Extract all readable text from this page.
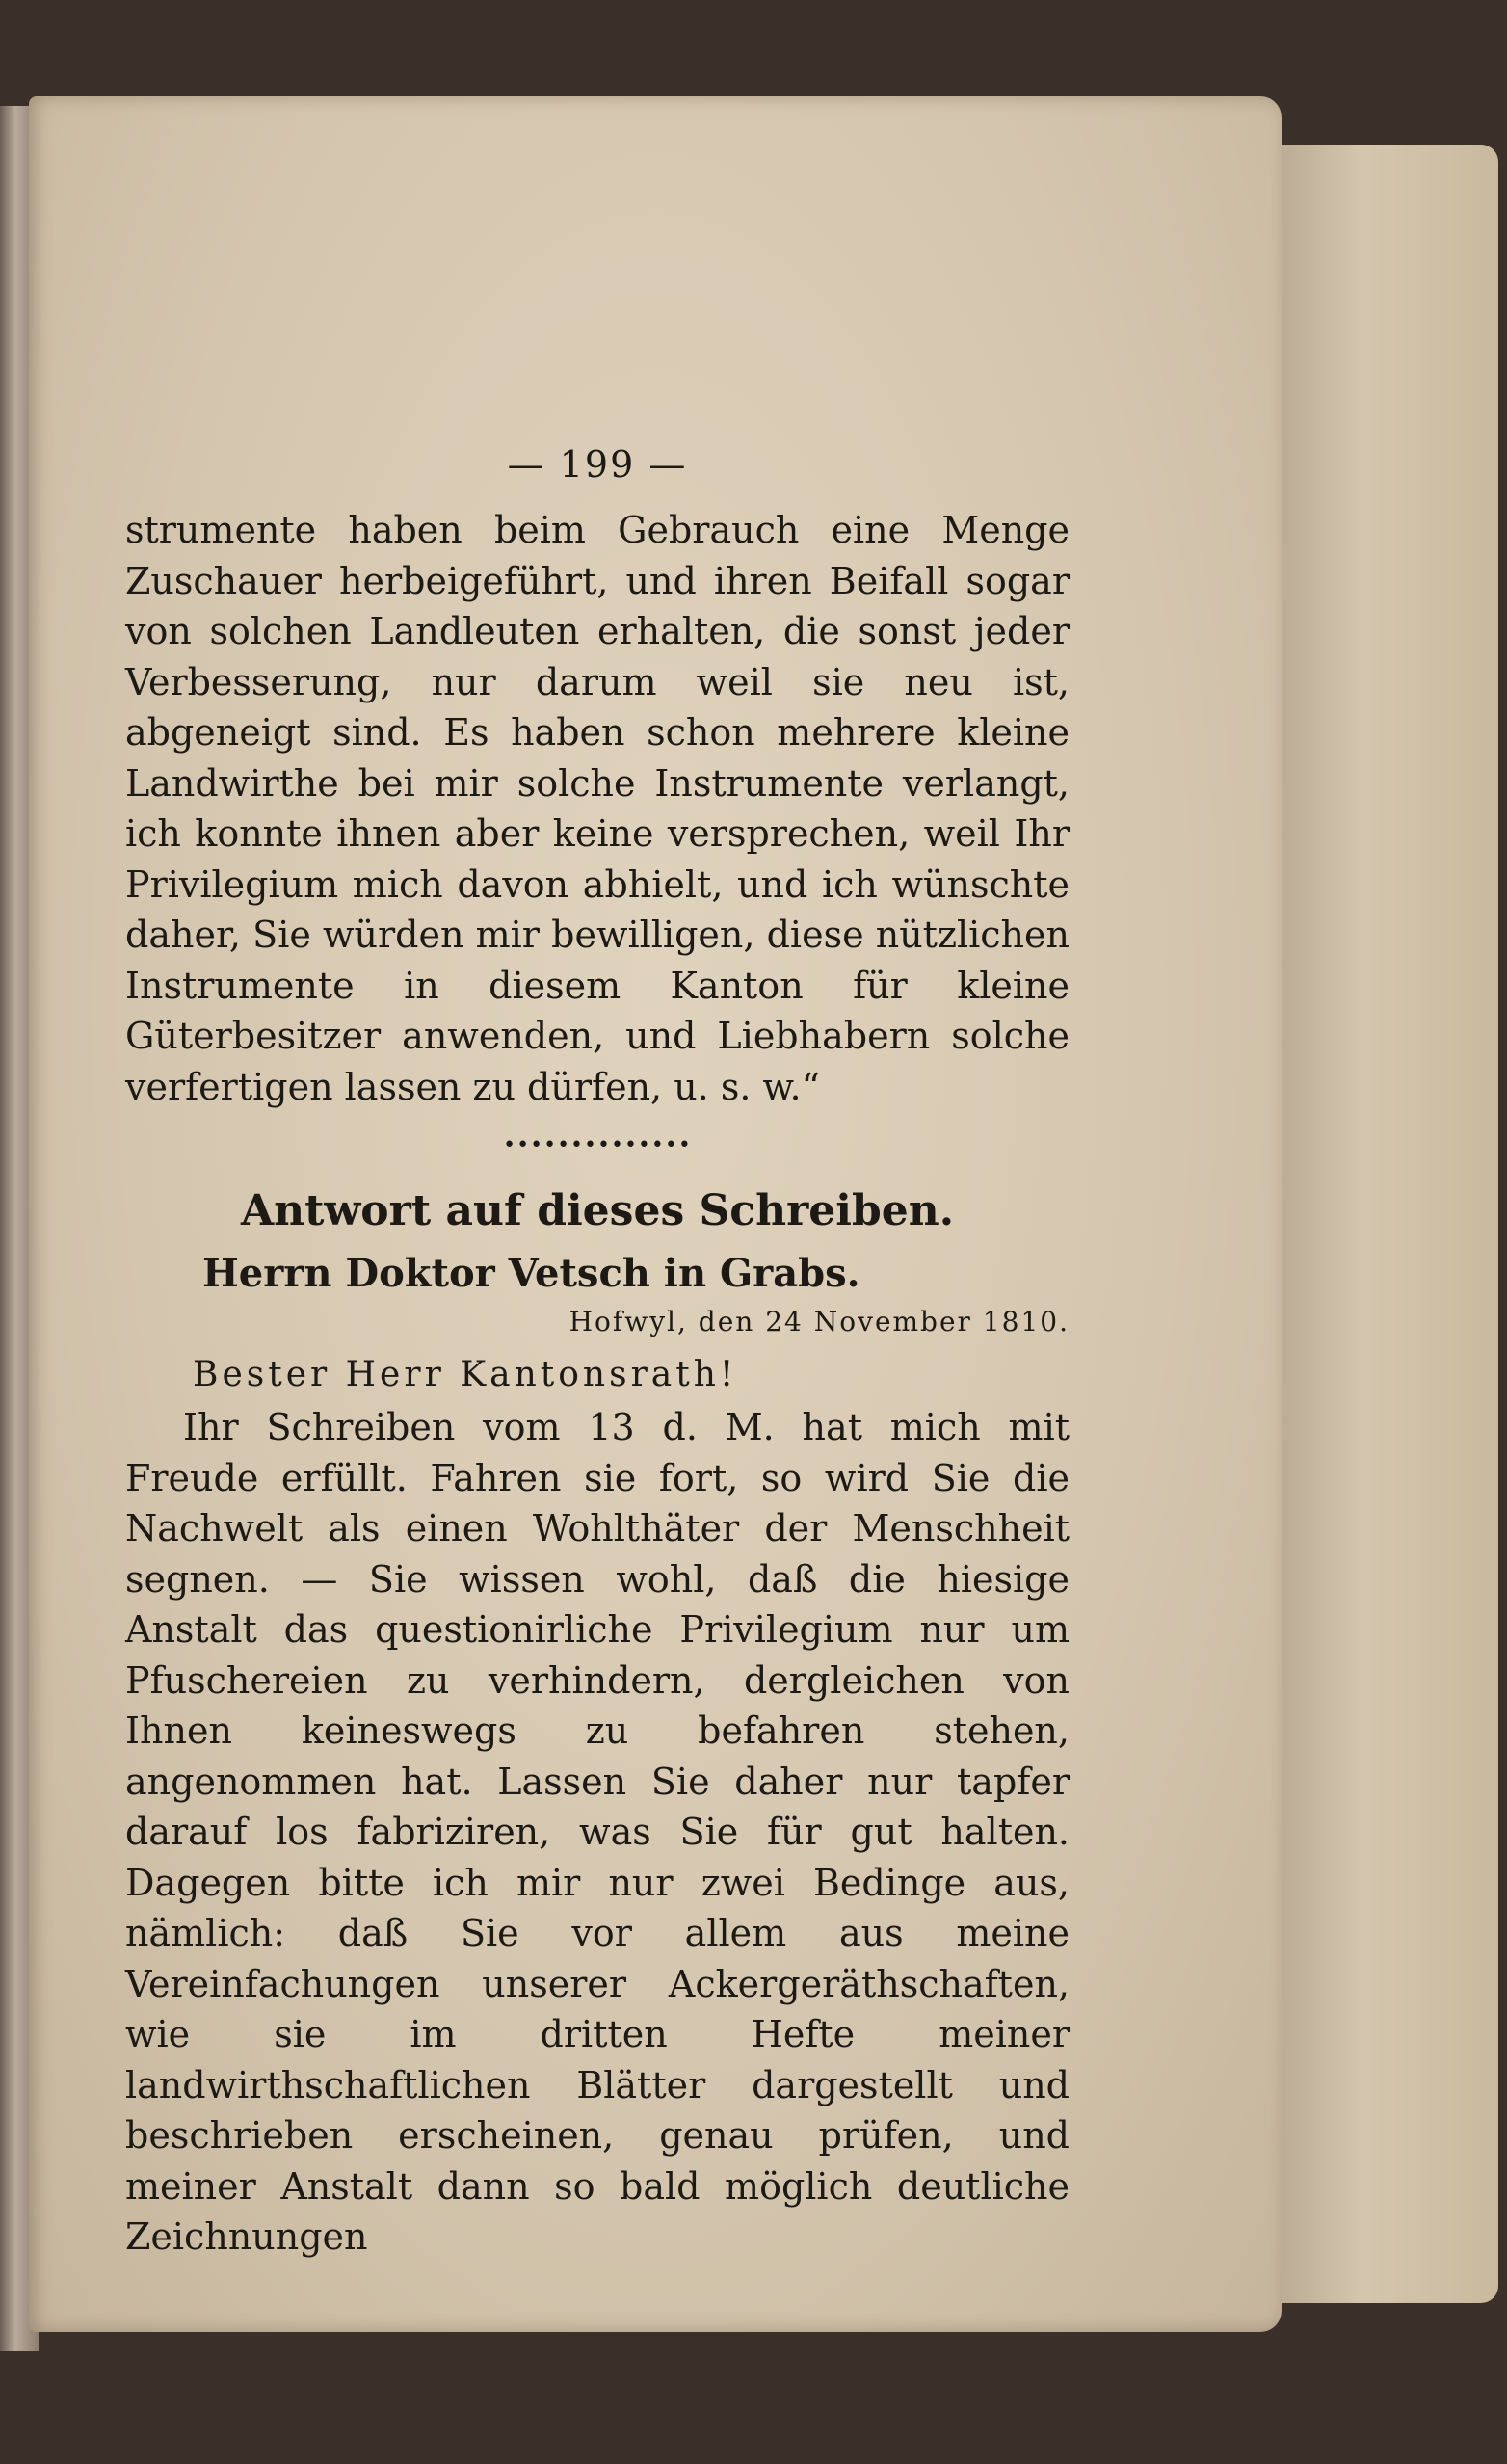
— 199 —

strumente haben beim Gebrauch eine Menge Zuschauer herbeigeführt, und ihren Beifall sogar von solchen Landleuten erhalten, die sonst jeder Verbesserung, nur darum weil sie neu ist, abgeneigt sind. Es haben schon mehrere kleine Landwirthe bei mir solche Instrumente verlangt, ich konnte ihnen aber keine versprechen, weil Ihr Privilegium mich davon abhielt, und ich wünschte daher, Sie würden mir bewilligen, diese nützlichen Instrumente in diesem Kanton für kleine Güterbesitzer anwenden, und Liebhabern solche verfertigen lassen zu dürfen, u. s. w.“

••••••••••••••
Antwort auf dieses Schreiben.
Herrn Doktor Vetsch in Grabs.
Hofwyl, den 24 November 1810.
Bester Herr Kantonsrath!

Ihr Schreiben vom 13 d. M. hat mich mit Freude erfüllt. Fahren sie fort, so wird Sie die Nachwelt als einen Wohlthäter der Menschheit segnen. — Sie wissen wohl, daß die hiesige Anstalt das questionirliche Privilegium nur um Pfuschereien zu verhindern, dergleichen von Ihnen keineswegs zu befahren stehen, angenommen hat. Lassen Sie daher nur tapfer darauf los fabriziren, was Sie für gut halten. Dagegen bitte ich mir nur zwei Bedinge aus, nämlich: daß Sie vor allem aus meine Vereinfachungen unserer Ackergeräthschaften, wie sie im dritten Hefte meiner landwirthschaftlichen Blätter dargestellt und beschrieben erscheinen, genau prüfen, und meiner Anstalt dann so bald möglich deutliche Zeichnungen
